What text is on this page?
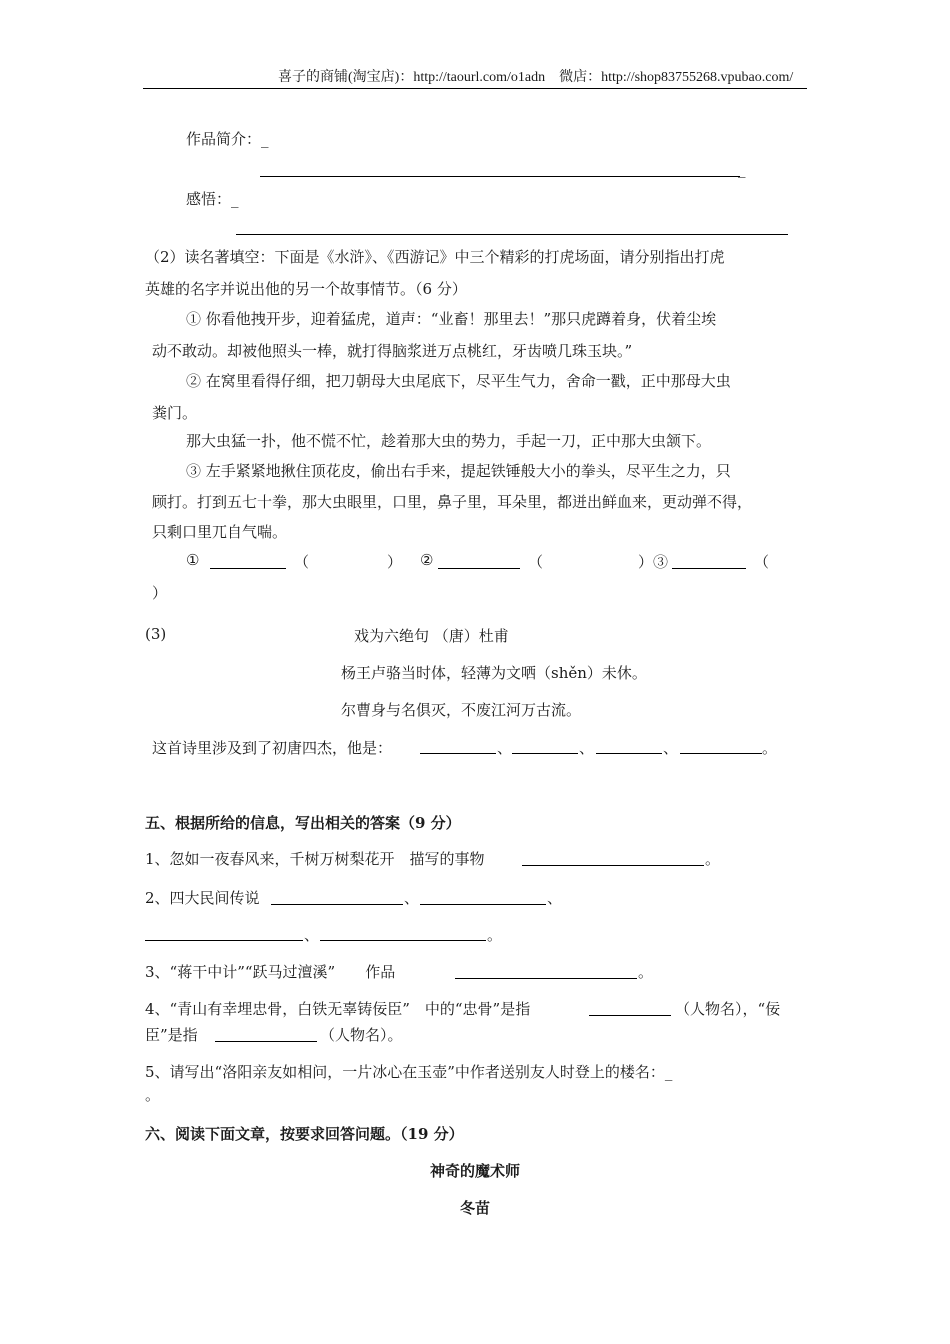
喜子的商铺(淘宝店)：http://taourl.com/o1adn　微店：http://shop83755268.vpubao.com/
作品简介：_
_
感悟：_
（2）读名著填空：下面是《水浒》、《西游记》中三个精彩的打虎场面，请分别指出打虎
英雄的名字并说出他的另一个故事情节。（6 分）
① 你看他拽开步，迎着猛虎，道声：“业畜！那里去！”那只虎蹲着身，伏着尘埃
动不敢动。却被他照头一棒，就打得脑浆迸万点桃红，牙齿喷几珠玉块。”
② 在窝里看得仔细，把刀朝母大虫尾底下，尽平生气力，舍命一戳，正中那母大虫
粪门。
那大虫猛一扑，他不慌不忙，趁着那大虫的势力，手起一刀，正中那大虫颔下。
③ 左手紧紧地揪住顶花皮，偷出右手来，提起铁锤般大小的拳头，尽平生之力，只
顾打。打到五七十拳，那大虫眼里，口里，鼻子里，耳朵里，都迸出鲜血来，更动弹不得，
只剩口里兀自气喘。
①	（	） ②	（	）③	（
）
(3)	戏为六绝句 （唐）杜甫
杨王卢骆当时体，轻薄为文哂（shěn）未休。
尔曹身与名俱灭，不废江河万古流。
这首诗里涉及到了初唐四杰，他是：	、	、	、	。
五、根据所给的信息，写出相关的答案（9 分）
1、忽如一夜春风来，千树万树梨花开　描写的事物	。
2、四大民间传说	、	、
、	。
3、“蒋干中计”“跃马过澶溪”　　作品	。
4、“青山有幸埋忠骨，白铁无辜铸佞臣”　中的“忠骨”是指	（人物名），“佞
臣”是指	（人物名）。
5、请写出“洛阳亲友如相问，一片冰心在玉壶”中作者送别友人时登上的楼名：_
。
六、阅读下面文章，按要求回答问题。（19 分）
神奇的魔术师
冬苗
